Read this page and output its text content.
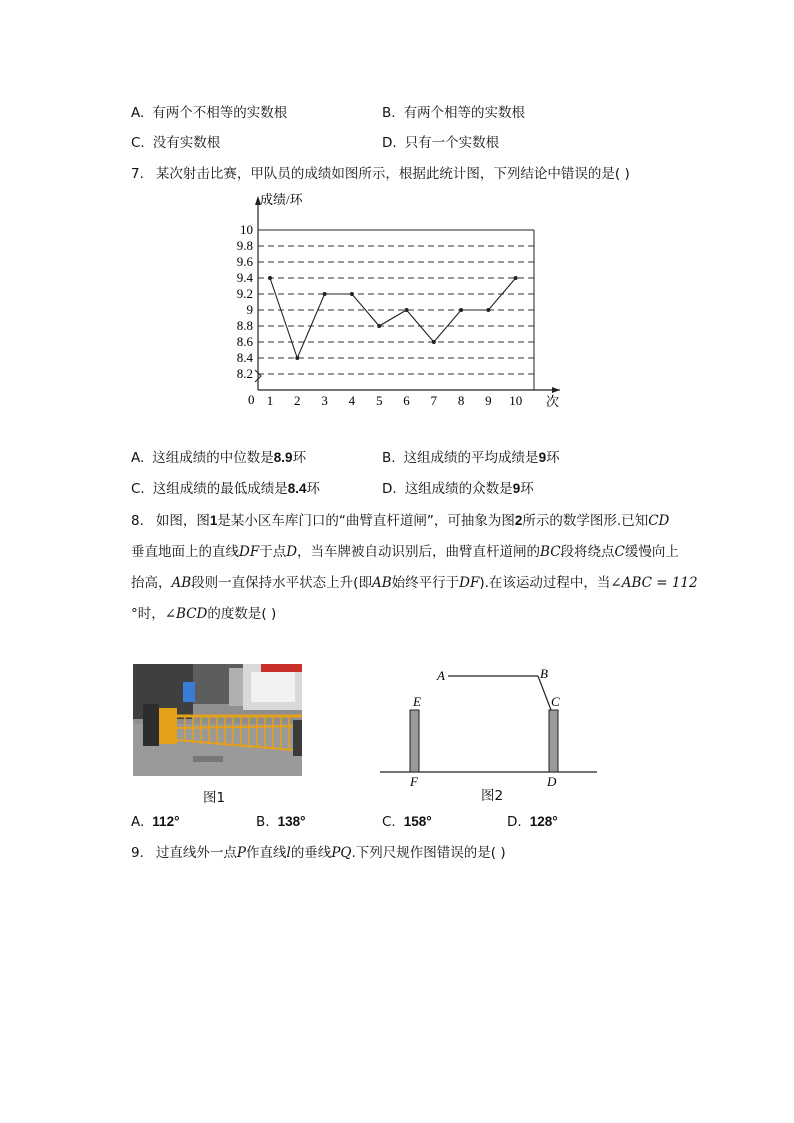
A. 有两个不相等的实数根	B. 有两个相等的实数根
C. 没有实数根	D. 只有一个实数根
7. 某次射击比赛，甲队员的成绩如图所示，根据此统计图，下列结论中错误的是( )
8.2
8.4
8.6
8.8
9
9.2
9.4
9.6
9.8
10
1 2 3 4 5 6 7 8 9 10
成绩/环
次
0
A. 这组成绩的中位数是8.9环	B. 这组成绩的平均成绩是9环
C. 这组成绩的最低成绩是8.4环	D. 这组成绩的众数是9环
8. 如图，图1是某小区车库门口的“曲臂直杆道闸”，可抽象为图2所示的数学图形.已知CD
垂直地面上的直线DF于点D，当车牌被自动识别后，曲臂直杆道闸的BC段将绕点C缓慢向上
抬高，AB段则一直保持水平状态上升(即AB始终平行于DF).在该运动过程中，当∠ABC = 112
°时，∠BCD的度数是( )
图1
A	B
C
E
F	D
图2
A. 112°	B. 138°	C. 158°	D. 128°
9. 过直线外一点P作直线l的垂线PQ.下列尺规作图错误的是( )
